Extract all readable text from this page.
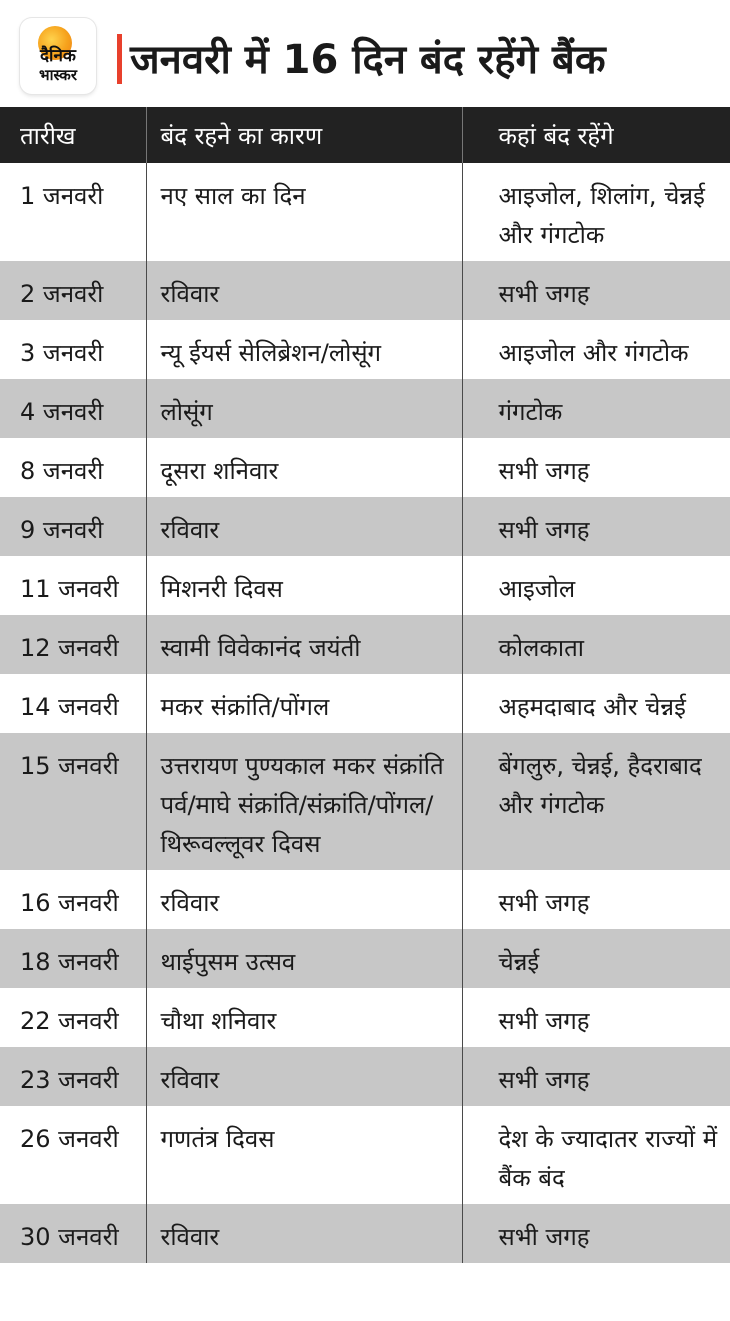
दैनिक
भास्कर	जनवरी में 16 दिन बंद रहेंगे बैंक
तारीख	बंद रहने का कारण	कहां बंद रहेंगे
1 जनवरी	नए साल का दिन	आइजोल, शिलांग, चेन्नई और गंगटोक
2 जनवरी	रविवार	सभी जगह
3 जनवरी	न्यू ईयर्स सेलिब्रेशन/लोसूंग	आइजोल और गंगटोक
4 जनवरी	लोसूंग	गंगटोक
8 जनवरी	दूसरा शनिवार	सभी जगह
9 जनवरी	रविवार	सभी जगह
11 जनवरी	मिशनरी दिवस	आइजोल
12 जनवरी	स्वामी विवेकानंद जयंती	कोलकाता
14 जनवरी	मकर संक्रांति/पोंगल	अहमदाबाद और चेन्नई
15 जनवरी	उत्तरायण पुण्यकाल मकर संक्रांति पर्व/माघे संक्रांति/संक्रांति/पोंगल/थिरूवल्लूवर दिवस	बेंगलुरु, चेन्नई, हैदराबाद और गंगटोक
16 जनवरी	रविवार	सभी जगह
18 जनवरी	थाईपुसम उत्सव	चेन्नई
22 जनवरी	चौथा शनिवार	सभी जगह
23 जनवरी	रविवार	सभी जगह
26 जनवरी	गणतंत्र दिवस	देश के ज्यादातर राज्यों में बैंक बंद
30 जनवरी	रविवार	सभी जगह
